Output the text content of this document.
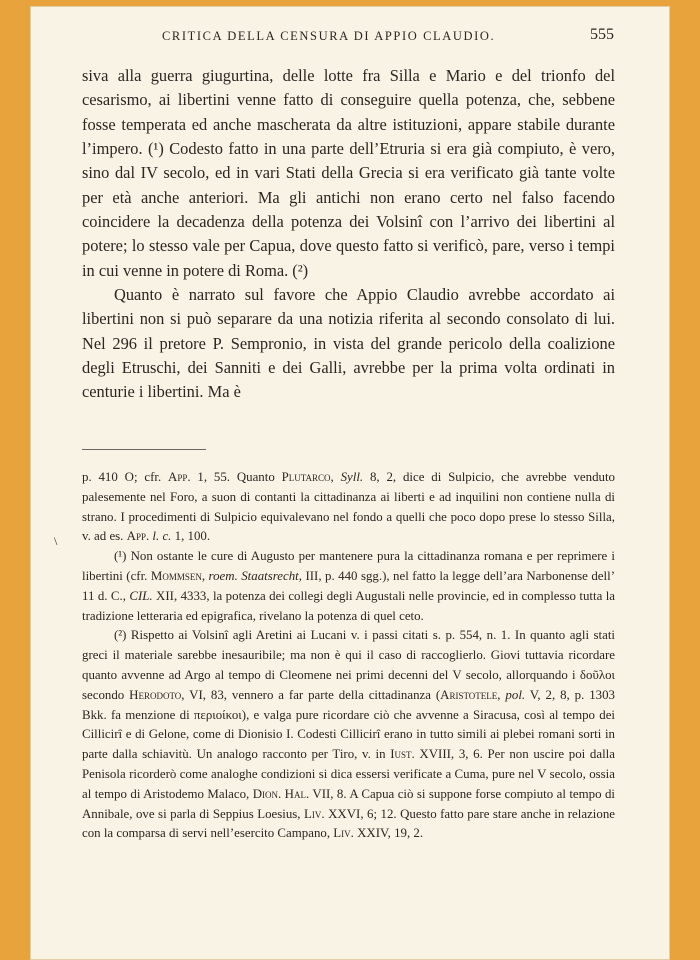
CRITICA DELLA CENSURA DI APPIO CLAUDIO.	555

siva alla guerra giugurtina, delle lotte fra Silla e Mario e del trionfo del cesarismo, ai libertini venne fatto di conseguire quella potenza, che, sebbene fosse temperata ed anche mascherata da altre istituzioni, appare stabile durante l’impero. (¹) Codesto fatto in una parte dell’Etruria si era già compiuto, è vero, sino dal IV secolo, ed in vari Stati della Grecia si era verificato già tante volte per età anche anteriori. Ma gli antichi non erano certo nel falso facendo coincidere la decadenza della potenza dei Volsinî con l’arrivo dei libertini al potere; lo stesso vale per Capua, dove questo fatto si verificò, pare, verso i tempi in cui venne in potere di Roma. (²)

Quanto è narrato sul favore che Appio Claudio avrebbe accordato ai libertini non si può separare da una notizia riferita al secondo consolato di lui. Nel 296 il pretore P. Sempronio, in vista del grande pericolo della coalizione degli Etruschi, dei Sanniti e dei Galli, avrebbe per la prima volta ordinati in centurie i libertini. Ma è

\

p. 410 O; cfr. App. 1, 55. Quanto Plutarco, Syll. 8, 2, dice di Sulpicio, che avrebbe venduto palesemente nel Foro, a suon di contanti la cittadinanza ai liberti e ad inquilini non contiene nulla di strano. I procedimenti di Sulpicio equivalevano nel fondo a quelli che poco dopo prese lo stesso Silla, v. ad es. App. l. c. 1, 100.

(¹) Non ostante le cure di Augusto per mantenere pura la cittadinanza romana e per reprimere i libertini (cfr. Mommsen, roem. Staatsrecht, III, p. 440 sgg.), nel fatto la legge dell’ara Narbonense dell’ 11 d. C., CIL. XII, 4333, la potenza dei collegi degli Augustali nelle provincie, ed in complesso tutta la tradizione letteraria ed epigrafica, rivelano la potenza di quel ceto.

(²) Rispetto ai Volsinî agli Aretini ai Lucani v. i passi citati s. p. 554, n. 1. In quanto agli stati greci il materiale sarebbe inesauribile; ma non è qui il caso di raccoglierlo. Giovi tuttavia ricordare quanto avvenne ad Argo al tempo di Cleomene nei primi decenni del V secolo, allorquando i δοῦλοι secondo Herodoto, VI, 83, vennero a far parte della cittadinanza (Aristotele, pol. V, 2, 8, p. 1303 Bkk. fa menzione di περιοίκοι), e valga pure ricordare ciò che avvenne a Siracusa, così al tempo dei Cillicirî e di Gelone, come di Dionisio I. Codesti Cillicirî erano in tutto simili ai plebei romani sorti in parte dalla schiavitù. Un analogo racconto per Tiro, v. in Iust. XVIII, 3, 6. Per non uscire poi dalla Penisola ricorderò come analoghe condizioni si dica essersi verificate a Cuma, pure nel V secolo, ossia al tempo di Aristodemo Malaco, Dion. Hal. VII, 8. A Capua ciò si suppone forse compiuto al tempo di Annibale, ove si parla di Seppius Loesius, Liv. XXVI, 6; 12. Questo fatto pare stare anche in relazione con la comparsa di servi nell’esercito Campano, Liv. XXIV, 19, 2.
